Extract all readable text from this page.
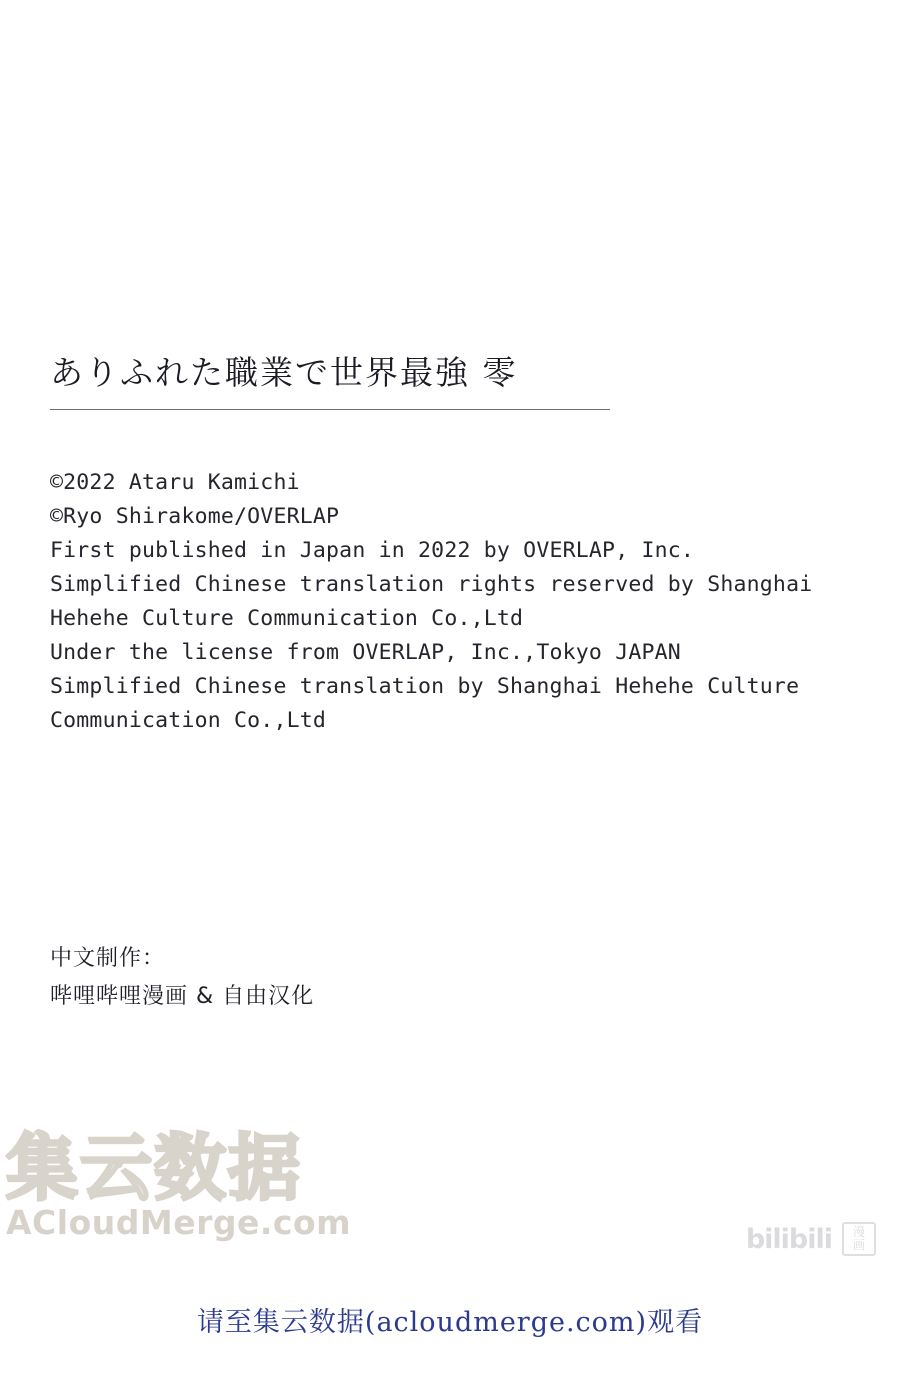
ありふれた職業で世界最強 零
©2022 Ataru Kamichi
©Ryo Shirakome/OVERLAP
First published in Japan in 2022 by OVERLAP, Inc.
Simplified Chinese translation rights reserved by Shanghai
Hehehe Culture Communication Co.,Ltd
Under the license from OVERLAP, Inc.,Tokyo JAPAN
Simplified Chinese translation by Shanghai Hehehe Culture
Communication Co.,Ltd
中文制作：
哔哩哔哩漫画 & 自由汉化
集云数据
ACloudMerge.com	bilibili 漫
画
请至集云数据(acloudmerge.com)观看
